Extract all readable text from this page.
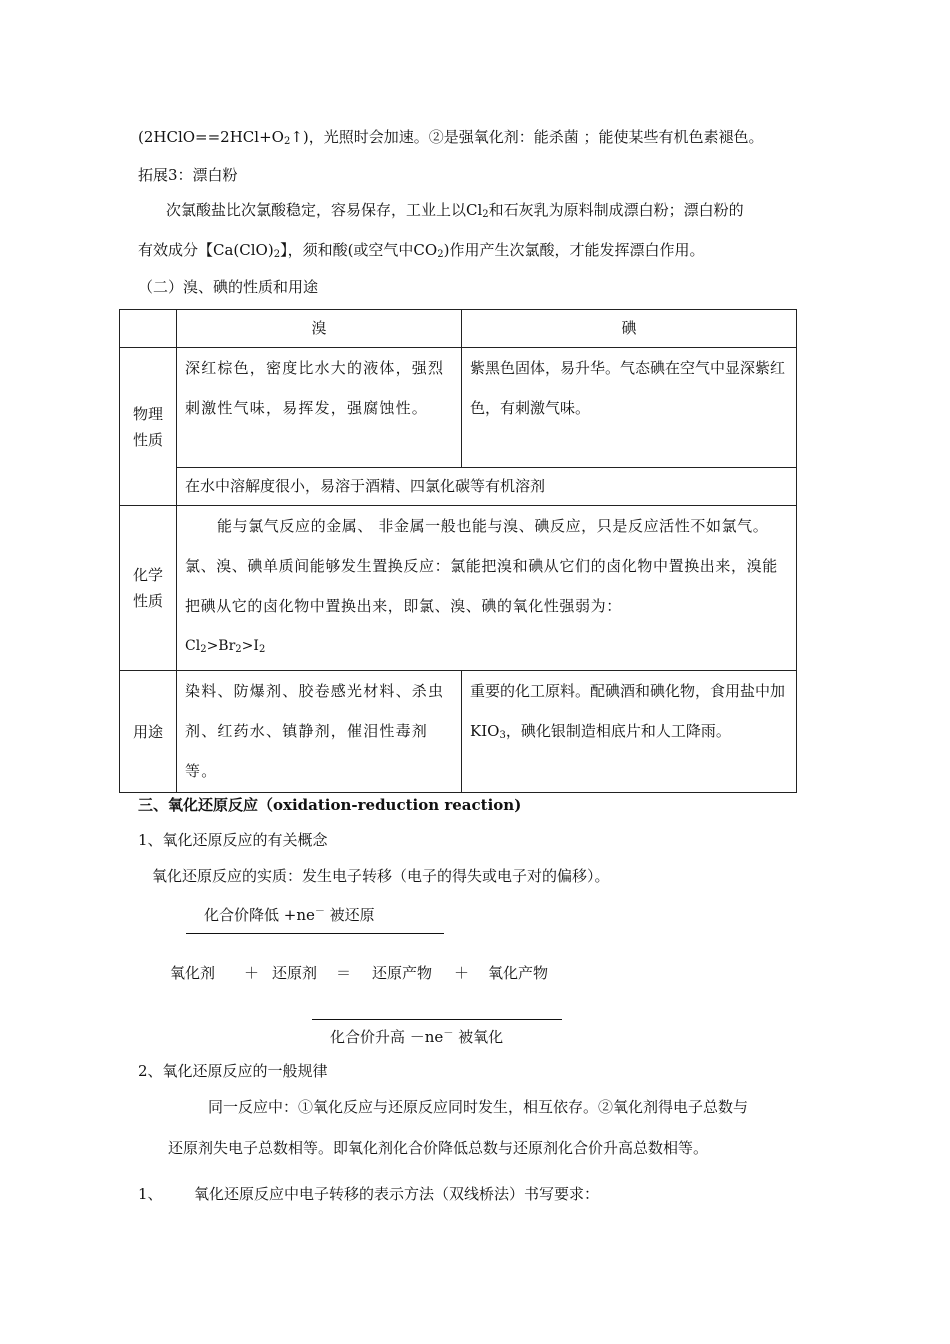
$(2HClO==2HCl+O_2↑)$，光照时会加速。②是强氧化剂：能杀菌 ；能使某些有机色素褪色。
拓展3：漂白粉
次氯酸盐比次氯酸稳定，容易保存，工业上以$Cl_2$和石灰乳为原料制成漂白粉；漂白粉的
有效成分【$Ca(ClO)_2$】，须和酸(或空气中$CO_2$)作用产生次氯酸，才能发挥漂白作用。
（二）溴、碘的性质和用途
	溴	碘

物理性质	深红棕色，密度比水大的液体，强烈刺激性气味，易挥发，强腐蚀性。	紫黑色固体，易升华。气态碘在空气中显深紫红色，有刺激气味。

	在水中溶解度很小，易溶于酒精、四氯化碳等有机溶剂	

化学性质	能与氯气反应的金属、 非金属一般也能与溴、碘反应，只是反应活性不如氯气。氯、溴、碘单质间能够发生置换反应：氯能把溴和碘从它们的卤化物中置换出来，溴能把碘从它的卤化物中置换出来，即氯、溴、碘的氧化性强弱为：
$Cl_2>Br_2>I_2$

用途	染料、防爆剂、胶卷感光材料、杀虫剂、红药水、镇静剂，催泪性毒剂等。	重要的化工原料。配碘酒和碘化物，食用盐中加$KIO_3$，碘化银制造相底片和人工降雨。
三、氧化还原反应（oxidation-reduction reaction)
1、氧化还原反应的有关概念
氧化还原反应的实质：发生电子转移（电子的得失或电子对的偏移）。
化合价降低 +ne－ 被还原
氧化剂 ＋ 还原剂 ＝ 还原产物 ＋ 氧化产物
化合价升高 －ne－ 被氧化
2、氧化还原反应的一般规律
同一反应中：①氧化反应与还原反应同时发生，相互依存。②氧化剂得电子总数与
还原剂失电子总数相等。即氧化剂化合价降低总数与还原剂化合价升高总数相等。
1、 氧化还原反应中电子转移的表示方法（双线桥法）书写要求：
